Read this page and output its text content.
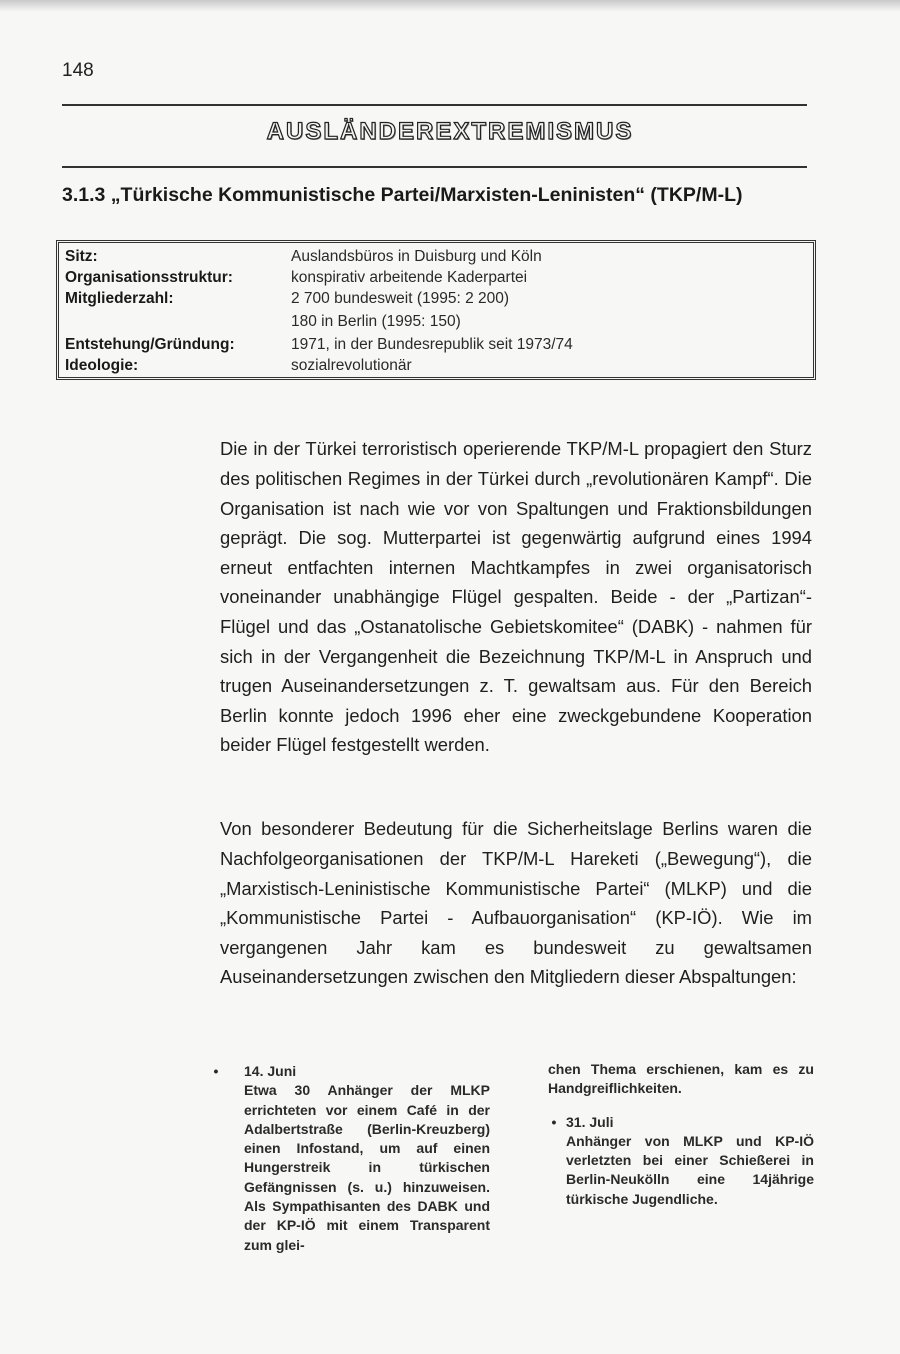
148
AUSLÄNDEREXTREMISMUS
3.1.3 „Türkische Kommunistische Partei/Marxisten-Leninisten“ (TKP/M-L)
Sitz:	Auslandsbüros in Duisburg und Köln
Organisationsstruktur:	konspirativ arbeitende Kaderpartei
Mitgliederzahl:	2 700 bundesweit (1995: 2 200)
180 in Berlin (1995: 150)
Entstehung/Gründung:	1971, in der Bundesrepublik seit 1973/74
Ideologie:	sozialrevolutionär

Die in der Türkei terroristisch operierende TKP/M-L propagiert den Sturz des politischen Regimes in der Türkei durch „revolutionären Kampf“. Die Organisation ist nach wie vor von Spaltungen und Fraktionsbildungen geprägt. Die sog. Mutterpartei ist gegenwärtig aufgrund eines 1994 erneut entfachten internen Machtkampfes in zwei organisatorisch voneinander unabhängige Flügel gespalten. Beide - der „Partizan“-Flügel und das „Ostanatolische Gebietskomitee“ (DABK) - nahmen für sich in der Vergangenheit die Bezeichnung TKP/M-L in Anspruch und trugen Auseinandersetzungen z. T. gewaltsam aus. Für den Bereich Berlin konnte jedoch 1996 eher eine zweckgebundene Kooperation beider Flügel festgestellt werden.

Von besonderer Bedeutung für die Sicherheitslage Berlins waren die Nachfolgeorganisationen der TKP/M-L Hareketi („Bewegung“), die „Marxistisch-Leninistische Kommunistische Partei“ (MLKP) und die „Kommunistische Partei - Aufbauorganisation“ (KP-IÖ). Wie im vergangenen Jahr kam es bundesweit zu gewaltsamen Auseinandersetzungen zwischen den Mitgliedern dieser Abspaltungen:

•	14. Juni
Etwa 30 Anhänger der MLKP errichteten vor einem Café in der Adalbertstraße (Berlin-Kreuzberg) einen Infostand, um auf einen Hungerstreik in türkischen Gefängnissen (s. u.) hinzuweisen. Als Sympathisanten des DABK und der KP-IÖ mit einem Transparent zum glei-
chen Thema erschienen, kam es zu Handgreiflichkeiten.
• 31. Juli
Anhänger von MLKP und KP-IÖ verletzten bei einer Schießerei in Berlin-Neukölln eine 14jährige türkische Jugendliche.
